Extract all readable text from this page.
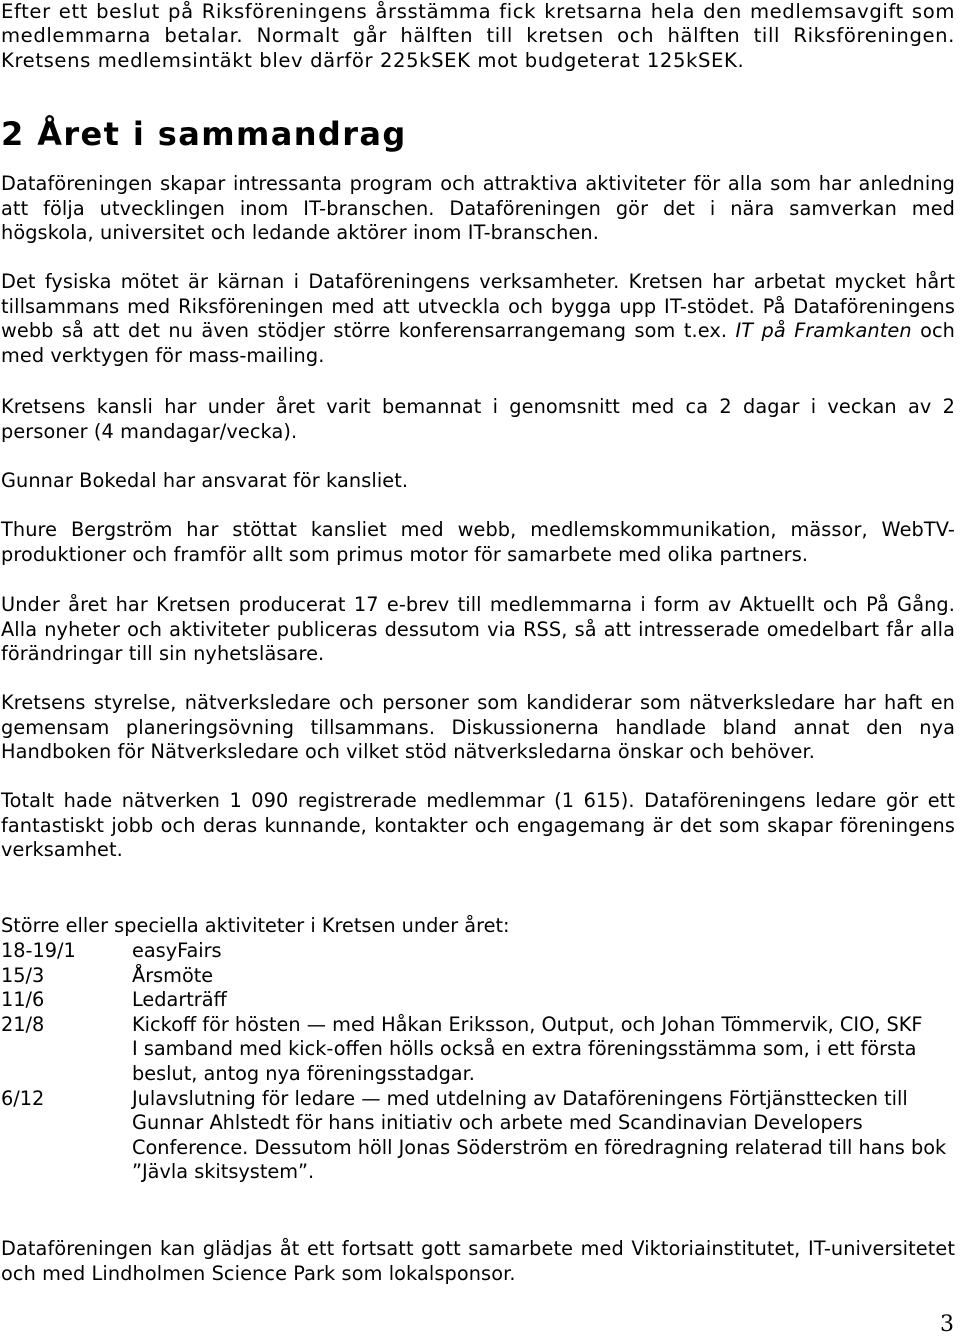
Efter ett beslut på Riksföreningens årsstämma fick kretsarna hela den medlemsavgift som
medlemmarna betalar. Normalt går hälften till kretsen och hälften till Riksföreningen.
Kretsens medlemsintäkt blev därför 225kSEK mot budgeterat 125kSEK.
2 Året i sammandrag

Dataföreningen skapar intressanta program och attraktiva aktiviteter för alla som har anledning att följa utvecklingen inom IT-branschen. Dataföreningen gör det i nära samverkan med högskola, universitet och ledande aktörer inom IT-branschen.

Det fysiska mötet är kärnan i Dataföreningens verksamheter. Kretsen har arbetat mycket hårt tillsammans med Riksföreningen med att utveckla och bygga upp IT-stödet. På Dataföreningens webb så att det nu även stödjer större konferensarrangemang som t.ex. IT på Framkanten och med verktygen för mass-mailing.

Kretsens kansli har under året varit bemannat i genomsnitt med ca 2 dagar i veckan av 2 personer (4 mandagar/vecka).

Gunnar Bokedal har ansvarat för kansliet.

Thure Bergström har stöttat kansliet med webb, medlemskommunikation, mässor, WebTV-produktioner och framför allt som primus motor för samarbete med olika partners.

Under året har Kretsen producerat 17 e-brev till medlemmarna i form av Aktuellt och På Gång. Alla nyheter och aktiviteter publiceras dessutom via RSS, så att intresserade omedelbart får alla förändringar till sin nyhetsläsare.

Kretsens styrelse, nätverksledare och personer som kandiderar som nätverksledare har haft en gemensam planeringsövning tillsammans. Diskussionerna handlade bland annat den nya Handboken för Nätverksledare och vilket stöd nätverksledarna önskar och behöver.

Totalt hade nätverken 1 090 registrerade medlemmar (1 615). Dataföreningens ledare gör ett fantastiskt jobb och deras kunnande, kontakter och engagemang är det som skapar föreningens verksamhet.

Större eller speciella aktiviteter i Kretsen under året:
18-19/1	easyFairs
15/3	Årsmöte
11/6	Ledarträff
21/8	Kickoff för hösten — med Håkan Eriksson, Output, och Johan Tömmervik, CIO, SKF
I samband med kick-offen hölls också en extra föreningsstämma som, i ett första beslut, antog nya föreningsstadgar.
6/12	Julavslutning för ledare — med utdelning av Dataföreningens Förtjänsttecken till Gunnar Ahlstedt för hans initiativ och arbete med Scandinavian Developers Conference. Dessutom höll Jonas Söderström en föredragning relaterad till hans bok ”Jävla skitsystem”.

Dataföreningen kan glädjas åt ett fortsatt gott samarbete med Viktoriainstitutet, IT-universitetet och med Lindholmen Science Park som lokalsponsor.

3
